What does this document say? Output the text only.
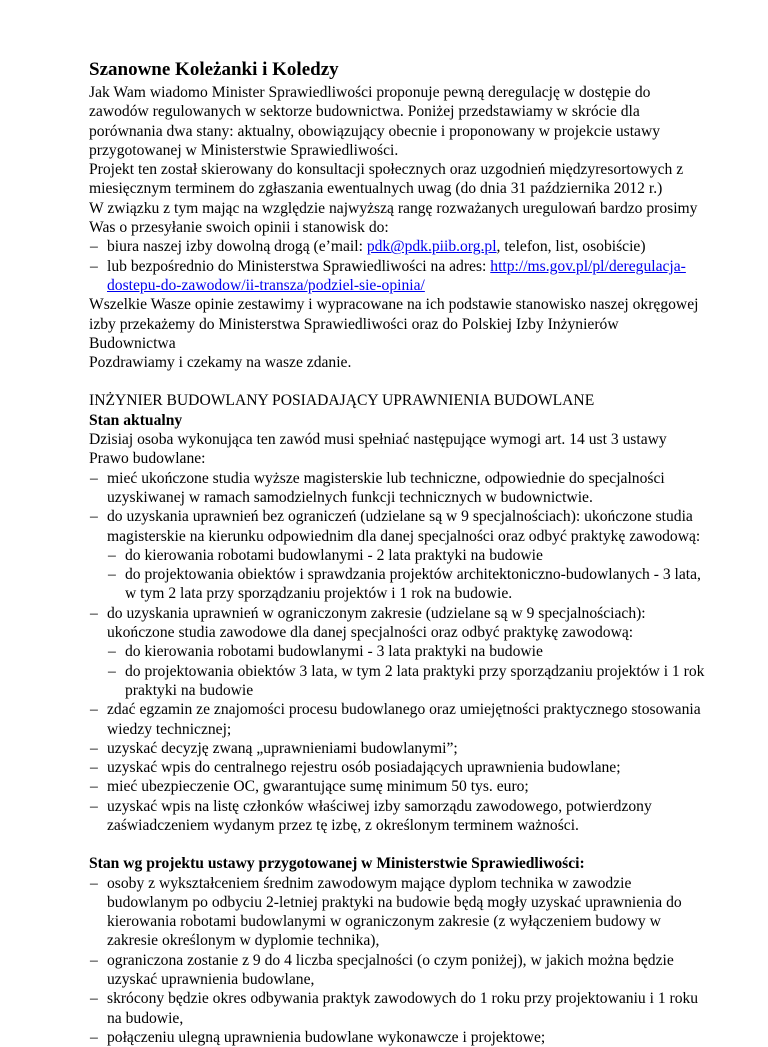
Szanowne Koleżanki i Koledzy

Jak Wam wiadomo Minister Sprawiedliwości proponuje pewną deregulację w dostępie do zawodów regulowanych w sektorze budownictwa. Poniżej przedstawiamy w skrócie dla porównania dwa stany: aktualny, obowiązujący obecnie i proponowany w projekcie ustawy przygotowanej w Ministerstwie Sprawiedliwości.

Projekt ten został skierowany do konsultacji społecznych oraz uzgodnień międzyresortowych z miesięcznym terminem do zgłaszania ewentualnych uwag (do dnia 31 października 2012 r.)

W związku z tym mając na względzie najwyższą rangę rozważanych uregulowań bardzo prosimy Was o przesyłanie swoich opinii i stanowisk do:

– biura naszej izby dowolną drogą (e’mail: pdk@pdk.piib.org.pl, telefon, list, osobiście)
– lub bezpośrednio do Ministerstwa Sprawiedliwości na adres: http://ms.gov.pl/pl/deregulacja-dostepu-do-zawodow/ii-transza/podziel-sie-opinia/

Wszelkie Wasze opinie zestawimy i wypracowane na ich podstawie stanowisko naszej okręgowej izby przekażemy do Ministerstwa Sprawiedliwości oraz do Polskiej Izby Inżynierów Budownictwa

Pozdrawiamy i czekamy na wasze zdanie.

INŻYNIER BUDOWLANY POSIADAJĄCY UPRAWNIENIA BUDOWLANE

Stan aktualny

Dzisiaj osoba wykonująca ten zawód musi spełniać następujące wymogi art. 14 ust 3 ustawy Prawo budowlane:

– mieć ukończone studia wyższe magisterskie lub techniczne, odpowiednie do specjalności uzyskiwanej w ramach samodzielnych funkcji technicznych w budownictwie.
– do uzyskania uprawnień bez ograniczeń (udzielane są w 9 specjalnościach): ukończone studia magisterskie na kierunku odpowiednim dla danej specjalności oraz odbyć praktykę zawodową:
– do kierowania robotami budowlanymi - 2 lata praktyki na budowie
– do projektowania obiektów i sprawdzania projektów architektoniczno-budowlanych - 3 lata, w tym 2 lata przy sporządzaniu projektów i 1 rok na budowie.
– do uzyskania uprawnień w ograniczonym zakresie (udzielane są w 9 specjalnościach): ukończone studia zawodowe dla danej specjalności oraz odbyć praktykę zawodową:
– do kierowania robotami budowlanymi - 3 lata praktyki na budowie
– do projektowania obiektów 3 lata, w tym 2 lata praktyki przy sporządzaniu projektów i 1 rok praktyki na budowie
– zdać egzamin ze znajomości procesu budowlanego oraz umiejętności praktycznego stosowania wiedzy technicznej;
– uzyskać decyzję zwaną „uprawnieniami budowlanymi”;
– uzyskać wpis do centralnego rejestru osób posiadających uprawnienia budowlane;
– mieć ubezpieczenie OC, gwarantujące sumę minimum 50 tys. euro;
– uzyskać wpis na listę członków właściwej izby samorządu zawodowego, potwierdzony zaświadczeniem wydanym przez tę izbę, z określonym terminem ważności.

Stan wg projektu ustawy przygotowanej w Ministerstwie Sprawiedliwości:

– osoby z wykształceniem średnim zawodowym mające dyplom technika w zawodzie budowlanym po odbyciu 2-letniej praktyki na budowie będą mogły uzyskać uprawnienia do kierowania robotami budowlanymi w ograniczonym zakresie (z wyłączeniem budowy w zakresie określonym w dyplomie technika),
– ograniczona zostanie z 9 do 4 liczba specjalności (o czym poniżej), w jakich można będzie uzyskać uprawnienia budowlane,
– skrócony będzie okres odbywania praktyk zawodowych do 1 roku przy projektowaniu i 1 roku na budowie,
– połączeniu ulegną uprawnienia budowlane wykonawcze i projektowe;
